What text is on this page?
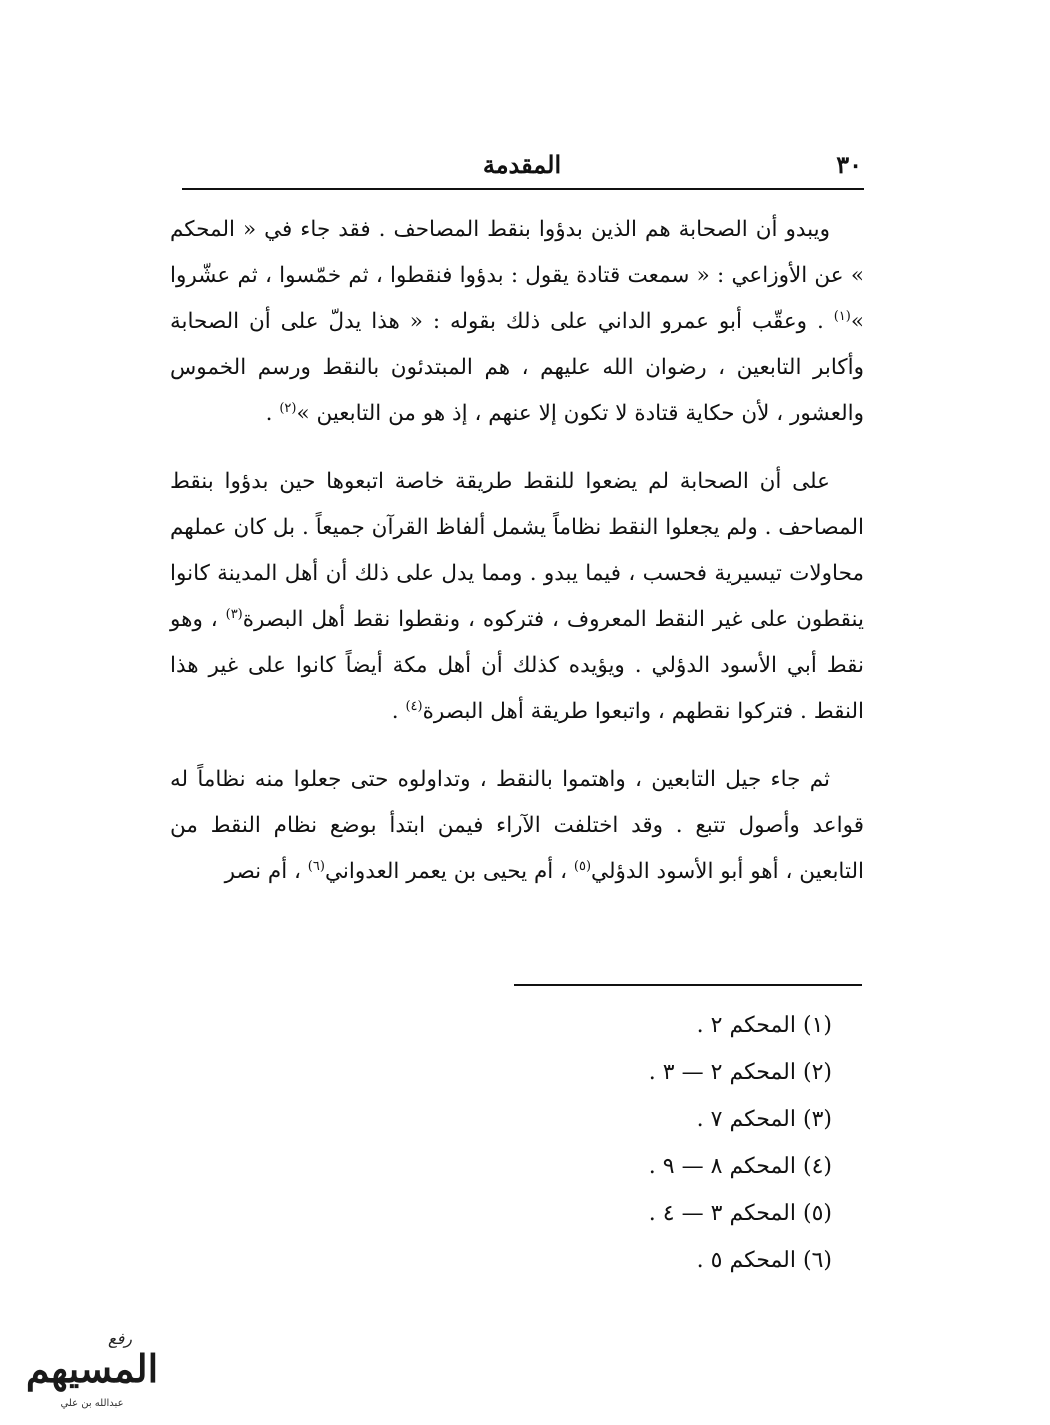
٣٠
المقدمة

ويبدو أن الصحابة هم الذين بدؤوا بنقط المصاحف . فقد جاء في « المحكم » عن الأوزاعي : « سمعت قتادة يقول : بدؤوا فنقطوا ، ثم خمّسوا ، ثم عشّروا »$^{(١)}$ . وعقّب أبو عمرو الداني على ذلك بقوله : « هذا يدلّ على أن الصحابة وأكابر التابعين ، رضوان الله عليهم ، هم المبتدئون بالنقط ورسم الخموس والعشور ، لأن حكاية قتادة لا تكون إلا عنهم ، إذ هو من التابعين »$^{(٢)}$ .

على أن الصحابة لم يضعوا للنقط طريقة خاصة اتبعوها حين بدؤوا بنقط المصاحف . ولم يجعلوا النقط نظاماً يشمل ألفاظ القرآن جميعاً . بل كان عملهم محاولات تيسيرية فحسب ، فيما يبدو . ومما يدل على ذلك أن أهل المدينة كانوا ينقطون على غير النقط المعروف ، فتركوه ، ونقطوا نقط أهل البصرة$^{(٣)}$ ، وهو نقط أبي الأسود الدؤلي . ويؤيده كذلك أن أهل مكة أيضاً كانوا على غير هذا النقط . فتركوا نقطهم ، واتبعوا طريقة أهل البصرة$^{(٤)}$ .

ثم جاء جيل التابعين ، واهتموا بالنقط ، وتداولوه حتى جعلوا منه نظاماً له قواعد وأصول تتبع . وقد اختلفت الآراء فيمن ابتدأ بوضع نظام النقط من التابعين ، أهو أبو الأسود الدؤلي$^{(٥)}$ ، أم يحيى بن يعمر العدواني$^{(٦)}$ ، أم نصر

(١) المحكم ٢ .
(٢) المحكم ٢ — ٣ .
(٣) المحكم ٧ .
(٤) المحكم ٨ — ٩ .
(٥) المحكم ٣ — ٤ .
(٦) المحكم ٥ .
رفع
المسيهم
عبدالله بن علي
